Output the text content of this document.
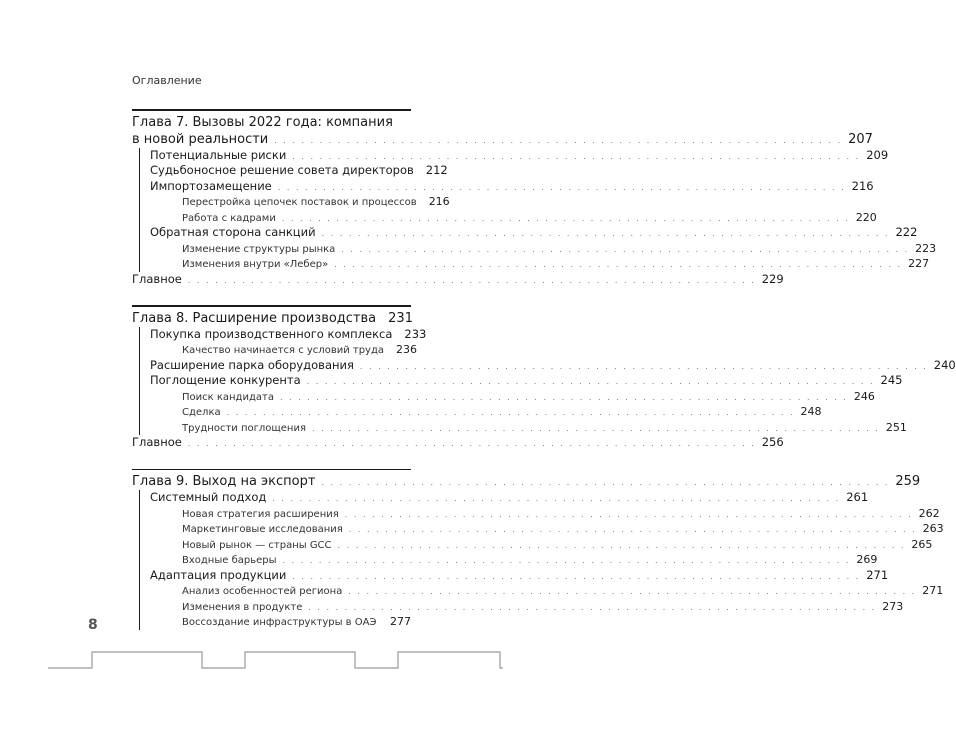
Оглавление
Глава 7. Вызовы 2022 года: компания
в новой реальности . . . . . . . . . . . . . . . . . . . . . . . . . . . . . . . . . . . . . . . . . . . . . . . . . . . . . . . . . . . . . . . 207
Потенциальные риски . . . . . . . . . . . . . . . . . . . . . . . . . . . . . . . . . . . . . . . . . . . . . . . . . . . . . . . . . . . . . . . 209
Судьбоносное решение совета директоров 212
Импортозамещение . . . . . . . . . . . . . . . . . . . . . . . . . . . . . . . . . . . . . . . . . . . . . . . . . . . . . . . . . . . . . . . 216
Перестройка цепочек поставок и процессов 216
Работа с кадрами . . . . . . . . . . . . . . . . . . . . . . . . . . . . . . . . . . . . . . . . . . . . . . . . . . . . . . . . . . . . . . . 220
Обратная сторона санкций . . . . . . . . . . . . . . . . . . . . . . . . . . . . . . . . . . . . . . . . . . . . . . . . . . . . . . . . . . . . . . . 222
Изменение структуры рынка . . . . . . . . . . . . . . . . . . . . . . . . . . . . . . . . . . . . . . . . . . . . . . . . . . . . . . . . . . . . . . . 223
Изменения внутри «Лебер» . . . . . . . . . . . . . . . . . . . . . . . . . . . . . . . . . . . . . . . . . . . . . . . . . . . . . . . . . . . . . . . 227
Главное . . . . . . . . . . . . . . . . . . . . . . . . . . . . . . . . . . . . . . . . . . . . . . . . . . . . . . . . . . . . . . . 229
Глава 8. Расширение производства 231
Покупка производственного комплекса 233
Качество начинается с условий труда 236
Расширение парка оборудования . . . . . . . . . . . . . . . . . . . . . . . . . . . . . . . . . . . . . . . . . . . . . . . . . . . . . . . . . . . . . . . 240
Поглощение конкурента . . . . . . . . . . . . . . . . . . . . . . . . . . . . . . . . . . . . . . . . . . . . . . . . . . . . . . . . . . . . . . . 245
Поиск кандидата . . . . . . . . . . . . . . . . . . . . . . . . . . . . . . . . . . . . . . . . . . . . . . . . . . . . . . . . . . . . . . . 246
Сделка . . . . . . . . . . . . . . . . . . . . . . . . . . . . . . . . . . . . . . . . . . . . . . . . . . . . . . . . . . . . . . . 248
Трудности поглощения . . . . . . . . . . . . . . . . . . . . . . . . . . . . . . . . . . . . . . . . . . . . . . . . . . . . . . . . . . . . . . . 251
Главное . . . . . . . . . . . . . . . . . . . . . . . . . . . . . . . . . . . . . . . . . . . . . . . . . . . . . . . . . . . . . . . 256
Глава 9. Выход на экспорт . . . . . . . . . . . . . . . . . . . . . . . . . . . . . . . . . . . . . . . . . . . . . . . . . . . . . . . . . . . . . . . 259
Системный подход . . . . . . . . . . . . . . . . . . . . . . . . . . . . . . . . . . . . . . . . . . . . . . . . . . . . . . . . . . . . . . . 261
Новая стратегия расширения . . . . . . . . . . . . . . . . . . . . . . . . . . . . . . . . . . . . . . . . . . . . . . . . . . . . . . . . . . . . . . . 262
Маркетинговые исследования . . . . . . . . . . . . . . . . . . . . . . . . . . . . . . . . . . . . . . . . . . . . . . . . . . . . . . . . . . . . . . . 263
Новый рынок — страны GCC . . . . . . . . . . . . . . . . . . . . . . . . . . . . . . . . . . . . . . . . . . . . . . . . . . . . . . . . . . . . . . . 265
Входные барьеры . . . . . . . . . . . . . . . . . . . . . . . . . . . . . . . . . . . . . . . . . . . . . . . . . . . . . . . . . . . . . . . 269
Адаптация продукции . . . . . . . . . . . . . . . . . . . . . . . . . . . . . . . . . . . . . . . . . . . . . . . . . . . . . . . . . . . . . . . 271
Анализ особенностей региона . . . . . . . . . . . . . . . . . . . . . . . . . . . . . . . . . . . . . . . . . . . . . . . . . . . . . . . . . . . . . . . 271
Изменения в продукте . . . . . . . . . . . . . . . . . . . . . . . . . . . . . . . . . . . . . . . . . . . . . . . . . . . . . . . . . . . . . . . 273
Воссоздание инфраструктуры в ОАЭ 277
8
